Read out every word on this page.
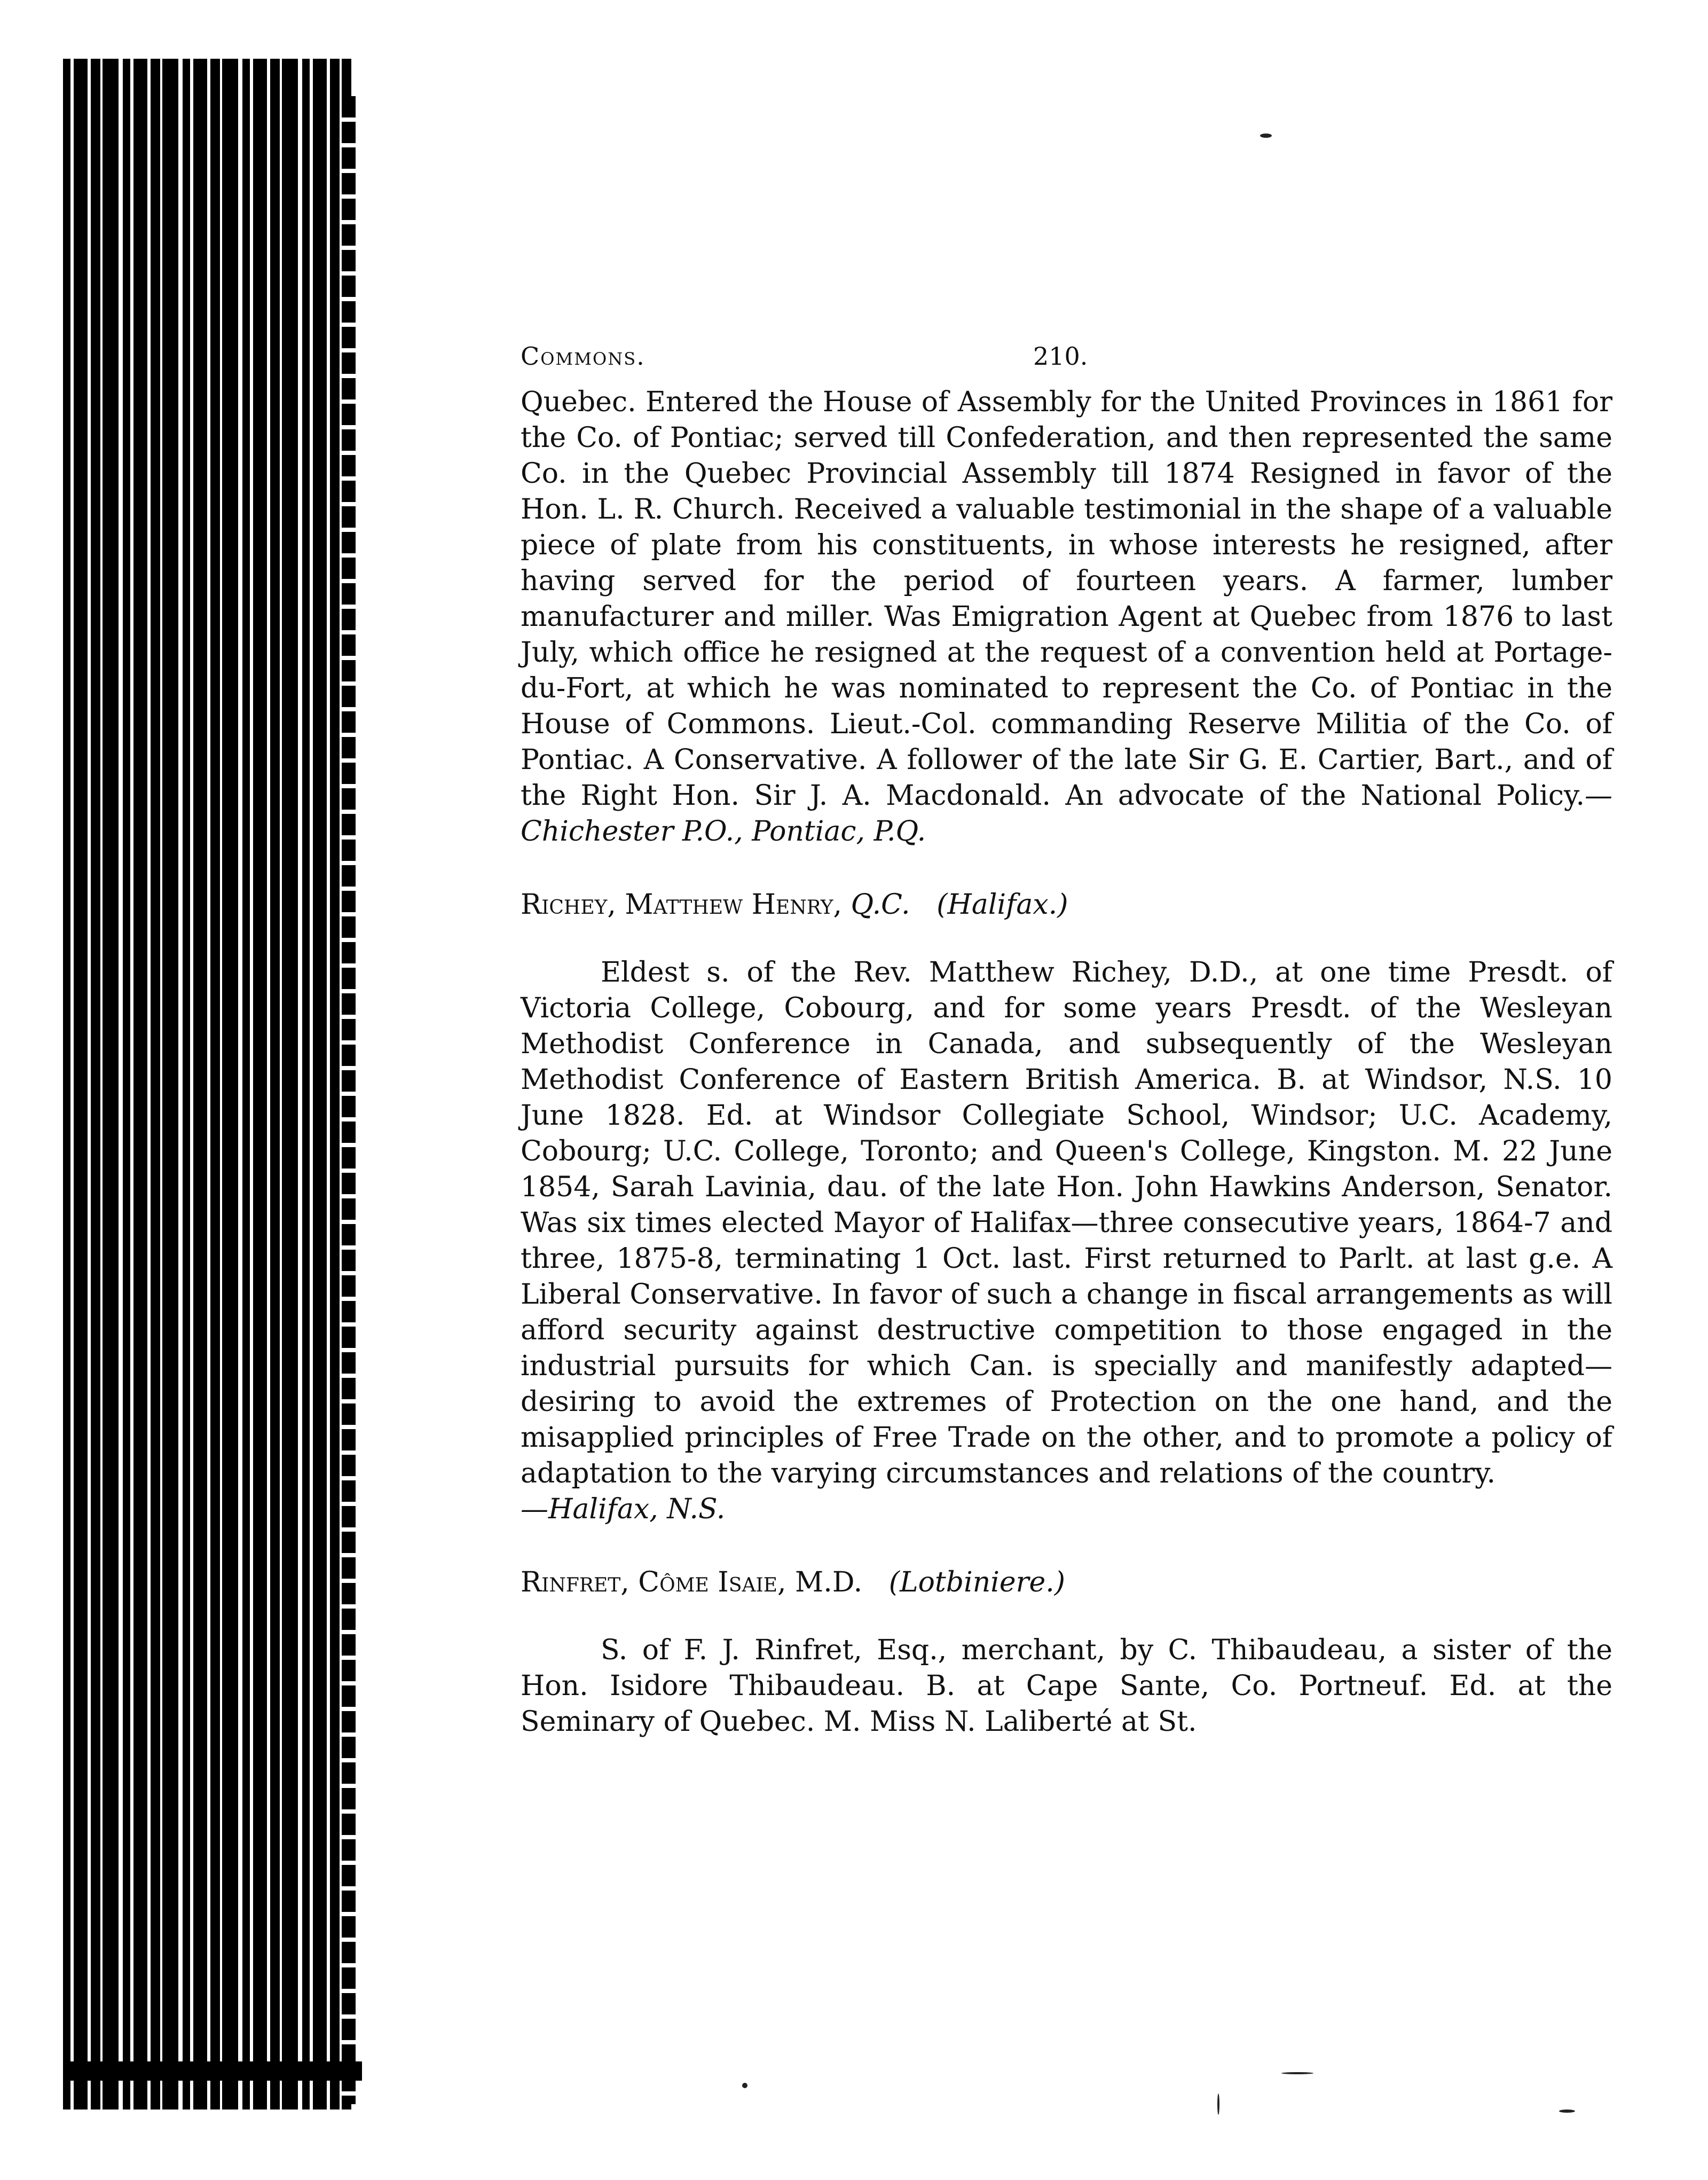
Commons.	210.

Quebec. Entered the House of Assembly for the United Provinces in 1861 for the Co. of Pontiac; served till Confederation, and then represented the same Co. in the Quebec Provincial Assembly till 1874 Resigned in favor of the Hon. L. R. Church. Received a valuable testimonial in the shape of a valuable piece of plate from his constituents, in whose interests he resigned, after having served for the period of fourteen years. A farmer, lumber manufacturer and miller. Was Emigration Agent at Quebec from 1876 to last July, which office he resigned at the request of a convention held at Portage-du-Fort, at which he was nominated to represent the Co. of Pontiac in the House of Commons. Lieut.-Col. commanding Reserve Militia of the Co. of Pontiac. A Conservative. A follower of the late Sir G. E. Cartier, Bart., and of the Right Hon. Sir J. A. Macdonald. An advocate of the National Policy.—Chichester P.O., Pontiac, P.Q.

Richey, Matthew Henry, Q.C. (Halifax.)

Eldest s. of the Rev. Matthew Richey, D.D., at one time Presdt. of Victoria College, Cobourg, and for some years Presdt. of the Wesleyan Methodist Conference in Canada, and subsequently of the Wesleyan Methodist Conference of Eastern British America. B. at Windsor, N.S. 10 June 1828. Ed. at Windsor Collegiate School, Windsor; U.C. Academy, Cobourg; U.C. College, Toronto; and Queen's College, Kingston. M. 22 June 1854, Sarah Lavinia, dau. of the late Hon. John Hawkins Anderson, Senator. Was six times elected Mayor of Halifax—three consecutive years, 1864-7 and three, 1875-8, terminating 1 Oct. last. First returned to Parlt. at last g.e. A Liberal Conservative. In favor of such a change in fiscal arrangements as will afford security against destructive competition to those engaged in the industrial pursuits for which Can. is specially and manifestly adapted—desiring to avoid the extremes of Protection on the one hand, and the misapplied principles of Free Trade on the other, and to promote a policy of adaptation to the varying circumstances and relations of the country.
—Halifax, N.S.

Rinfret, Côme Isaie, M.D. (Lotbiniere.)

S. of F. J. Rinfret, Esq., merchant, by C. Thibaudeau, a sister of the Hon. Isidore Thibaudeau. B. at Cape Sante, Co. Portneuf. Ed. at the Seminary of Quebec. M. Miss N. Laliberté at St.
